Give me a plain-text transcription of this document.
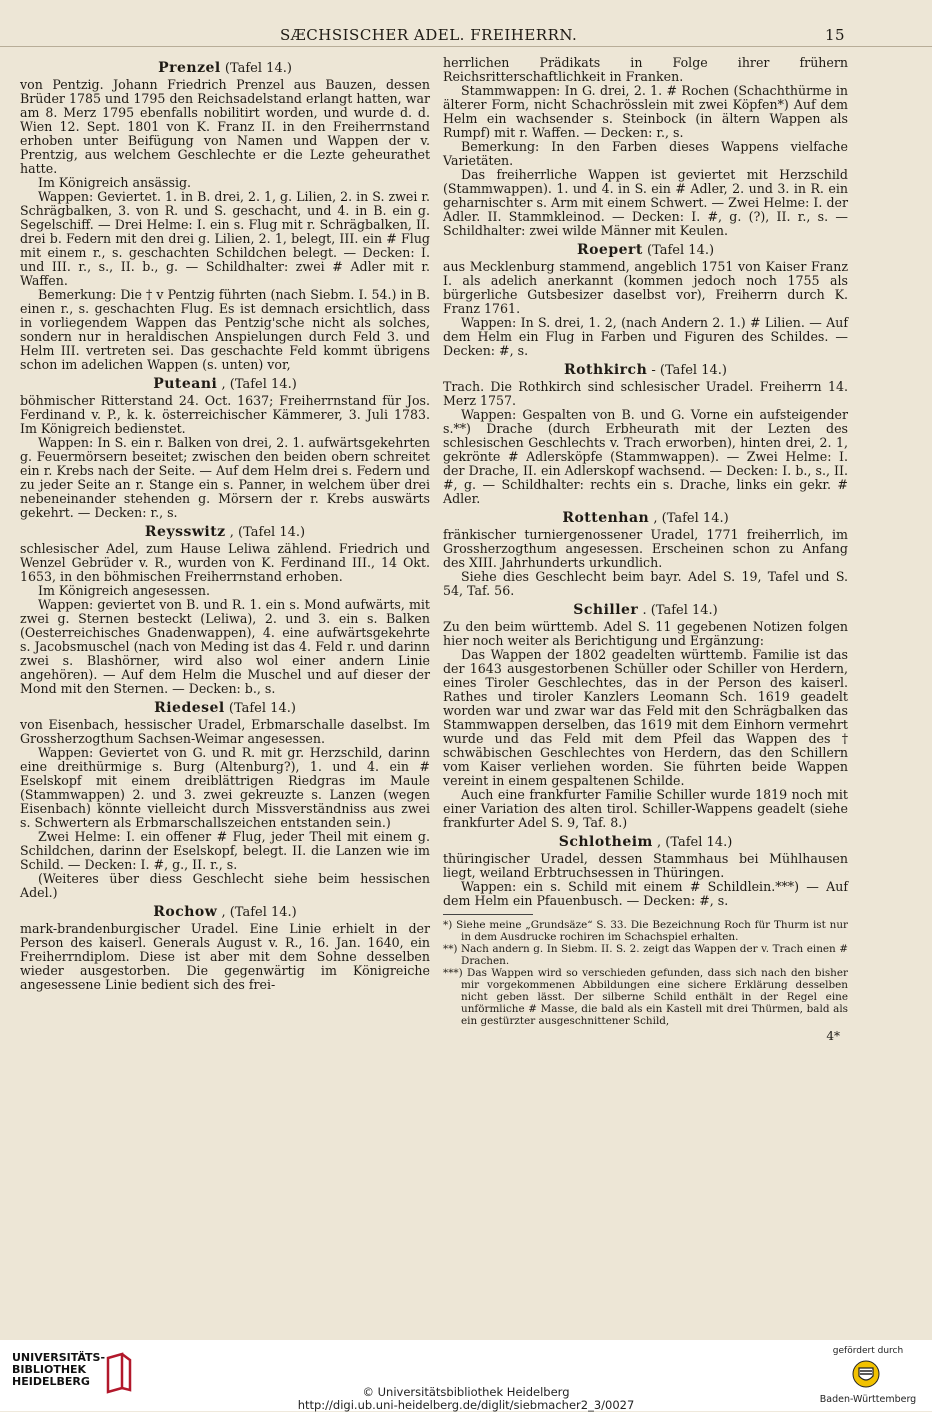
SÆCHSISCHER ADEL. FREIHERRN.	15
Prenzel (Tafel 14.)

von Pentzig. Johann Friedrich Prenzel aus Bauzen, dessen Brüder 1785 und 1795 den Reichsadelstand erlangt hatten, war am 8. Merz 1795 ebenfalls nobilitirt worden, und wurde d. d. Wien 12. Sept. 1801 von K. Franz II. in den Freiherrnstand erhoben unter Beifügung von Namen und Wappen der v. Prentzig, aus welchem Geschlechte er die Lezte geheurathet hatte.

Im Königreich ansässig.

Wappen: Geviertet. 1. in B. drei, 2. 1, g. Lilien, 2. in S. zwei r. Schrägbalken, 3. von R. und S. geschacht, und 4. in B. ein g. Segelschiff. — Drei Helme: I. ein s. Flug mit r. Schrägbalken, II. drei b. Federn mit den drei g. Lilien, 2. 1, belegt, III. ein # Flug mit einem r., s. geschachten Schildchen belegt. — Decken: I. und III. r., s., II. b., g. — Schildhalter: zwei # Adler mit r. Waffen.

Bemerkung: Die † v Pentzig führten (nach Siebm. I. 54.) in B. einen r., s. geschachten Flug. Es ist demnach ersichtlich, dass in vorliegendem Wappen das Pentzig'sche nicht als solches, sondern nur in heraldischen Anspielungen durch Feld 3. und Helm III. vertreten sei. Das geschachte Feld kommt übrigens schon im adelichen Wappen (s. unten) vor,

Puteani , (Tafel 14.)

böhmischer Ritterstand 24. Oct. 1637; Freiherrnstand für Jos. Ferdinand v. P., k. k. österreichischer Kämmerer, 3. Juli 1783. Im Königreich bedienstet.

Wappen: In S. ein r. Balken von drei, 2. 1. aufwärtsgekehrten g. Feuermörsern beseitet; zwischen den beiden obern schreitet ein r. Krebs nach der Seite. — Auf dem Helm drei s. Federn und zu jeder Seite an r. Stange ein s. Panner, in welchem über drei nebeneinander stehenden g. Mörsern der r. Krebs auswärts gekehrt. — Decken: r., s.

Reysswitz , (Tafel 14.)

schlesischer Adel, zum Hause Leliwa zählend. Friedrich und Wenzel Gebrüder v. R., wurden von K. Ferdinand III., 14 Okt. 1653, in den böhmischen Freiherrnstand erhoben.

Im Königreich angesessen.

Wappen: geviertet von B. und R. 1. ein s. Mond aufwärts, mit zwei g. Sternen besteckt (Leliwa), 2. und 3. ein s. Balken (Oesterreichisches Gnadenwappen), 4. eine aufwärtsgekehrte s. Jacobsmuschel (nach von Meding ist das 4. Feld r. und darinn zwei s. Blashörner, wird also wol einer andern Linie angehören). — Auf dem Helm die Muschel und auf dieser der Mond mit den Sternen. — Decken: b., s.

Riedesel (Tafel 14.)

von Eisenbach, hessischer Uradel, Erbmarschalle daselbst. Im Grossherzogthum Sachsen-Weimar angesessen.

Wappen: Geviertet von G. und R. mit gr. Herzschild, darinn eine dreithürmige s. Burg (Altenburg?), 1. und 4. ein # Eselskopf mit einem dreiblättrigen Riedgras im Maule (Stammwappen) 2. und 3. zwei gekreuzte s. Lanzen (wegen Eisenbach) könnte vielleicht durch Missverständniss aus zwei s. Schwertern als Erbmarschallszeichen entstanden sein.)

Zwei Helme: I. ein offener # Flug, jeder Theil mit einem g. Schildchen, darinn der Eselskopf, belegt. II. die Lanzen wie im Schild. — Decken: I. #, g., II. r., s.

(Weiteres über diess Geschlecht siehe beim hessischen Adel.)

Rochow , (Tafel 14.)

mark-brandenburgischer Uradel. Eine Linie erhielt in der Person des kaiserl. Generals August v. R., 16. Jan. 1640, ein Freiherrndiplom. Diese ist aber mit dem Sohne desselben wieder ausgestorben. Die gegenwärtig im Königreiche angesessene Linie bedient sich des frei-

herrlichen Prädikats in Folge ihrer frühern Reichsritterschaftlichkeit in Franken.

Stammwappen: In G. drei, 2. 1. # Rochen (Schachthürme in älterer Form, nicht Schachrösslein mit zwei Köpfen*) Auf dem Helm ein wachsender s. Steinbock (in ältern Wappen als Rumpf) mit r. Waffen. — Decken: r., s.

Bemerkung: In den Farben dieses Wappens vielfache Varietäten.

Das freiherrliche Wappen ist geviertet mit Herzschild (Stammwappen). 1. und 4. in S. ein # Adler, 2. und 3. in R. ein geharnischter s. Arm mit einem Schwert. — Zwei Helme: I. der Adler. II. Stammkleinod. — Decken: I. #, g. (?), II. r., s. — Schildhalter: zwei wilde Männer mit Keulen.

Roepert (Tafel 14.)

aus Mecklenburg stammend, angeblich 1751 von Kaiser Franz I. als adelich anerkannt (kommen jedoch noch 1755 als bürgerliche Gutsbesizer daselbst vor), Freiherrn durch K. Franz 1761.

Wappen: In S. drei, 1. 2, (nach Andern 2. 1.) # Lilien. — Auf dem Helm ein Flug in Farben und Figuren des Schildes. — Decken: #, s.

Rothkirch - (Tafel 14.)

Trach. Die Rothkirch sind schlesischer Uradel. Freiherrn 14. Merz 1757.

Wappen: Gespalten von B. und G. Vorne ein aufsteigender s.**) Drache (durch Erbheurath mit der Lezten des schlesischen Geschlechts v. Trach erworben), hinten drei, 2. 1, gekrönte # Adlersköpfe (Stammwappen). — Zwei Helme: I. der Drache, II. ein Adlerskopf wachsend. — Decken: I. b., s., II. #, g. — Schildhalter: rechts ein s. Drache, links ein gekr. # Adler.

Rottenhan , (Tafel 14.)

fränkischer turniergenossener Uradel, 1771 freiherrlich, im Grossherzogthum angesessen. Erscheinen schon zu Anfang des XIII. Jahrhunderts urkundlich.

Siehe dies Geschlecht beim bayr. Adel S. 19, Tafel und S. 54, Taf. 56.

Schiller . (Tafel 14.)

Zu den beim württemb. Adel S. 11 gegebenen Notizen folgen hier noch weiter als Berichtigung und Ergänzung:

Das Wappen der 1802 geadelten württemb. Familie ist das der 1643 ausgestorbenen Schüller oder Schiller von Herdern, eines Tiroler Geschlechtes, das in der Person des kaiserl. Rathes und tiroler Kanzlers Leomann Sch. 1619 geadelt worden war und zwar war das Feld mit den Schrägbalken das Stammwappen derselben, das 1619 mit dem Einhorn vermehrt wurde und das Feld mit dem Pfeil das Wappen des † schwäbischen Geschlechtes von Herdern, das den Schillern vom Kaiser verliehen worden. Sie führten beide Wappen vereint in einem gespaltenen Schilde.

Auch eine frankfurter Familie Schiller wurde 1819 noch mit einer Variation des alten tirol. Schiller-Wappens geadelt (siehe frankfurter Adel S. 9, Taf. 8.)

Schlotheim , (Tafel 14.)

thüringischer Uradel, dessen Stammhaus bei Mühlhausen liegt, weiland Erbtruchsessen in Thüringen.

Wappen: ein s. Schild mit einem # Schildlein.***) — Auf dem Helm ein Pfauenbusch. — Decken: #, s.

*) Siehe meine „Grundsäze“ S. 33. Die Bezeichnung Roch für Thurm ist nur in dem Ausdrucke rochiren im Schachspiel erhalten.
**) Nach andern g. In Siebm. II. S. 2. zeigt das Wappen der v. Trach einen # Drachen.
***) Das Wappen wird so verschieden gefunden, dass sich nach den bisher mir vorgekommenen Abbildungen eine sichere Erklärung desselben nicht geben lässt. Der silberne Schild enthält in der Regel eine unförmliche # Masse, die bald als ein Kastell mit drei Thürmen, bald als ein gestürzter ausgeschnittener Schild,
4*
UNIVERSITÄTS-
BIBLIOTHEK
HEIDELBERG
© Universitätsbibliothek Heidelberg
http://digi.ub.uni-heidelberg.de/diglit/siebmacher2_3/0027
gefördert durch
Baden-Württemberg
